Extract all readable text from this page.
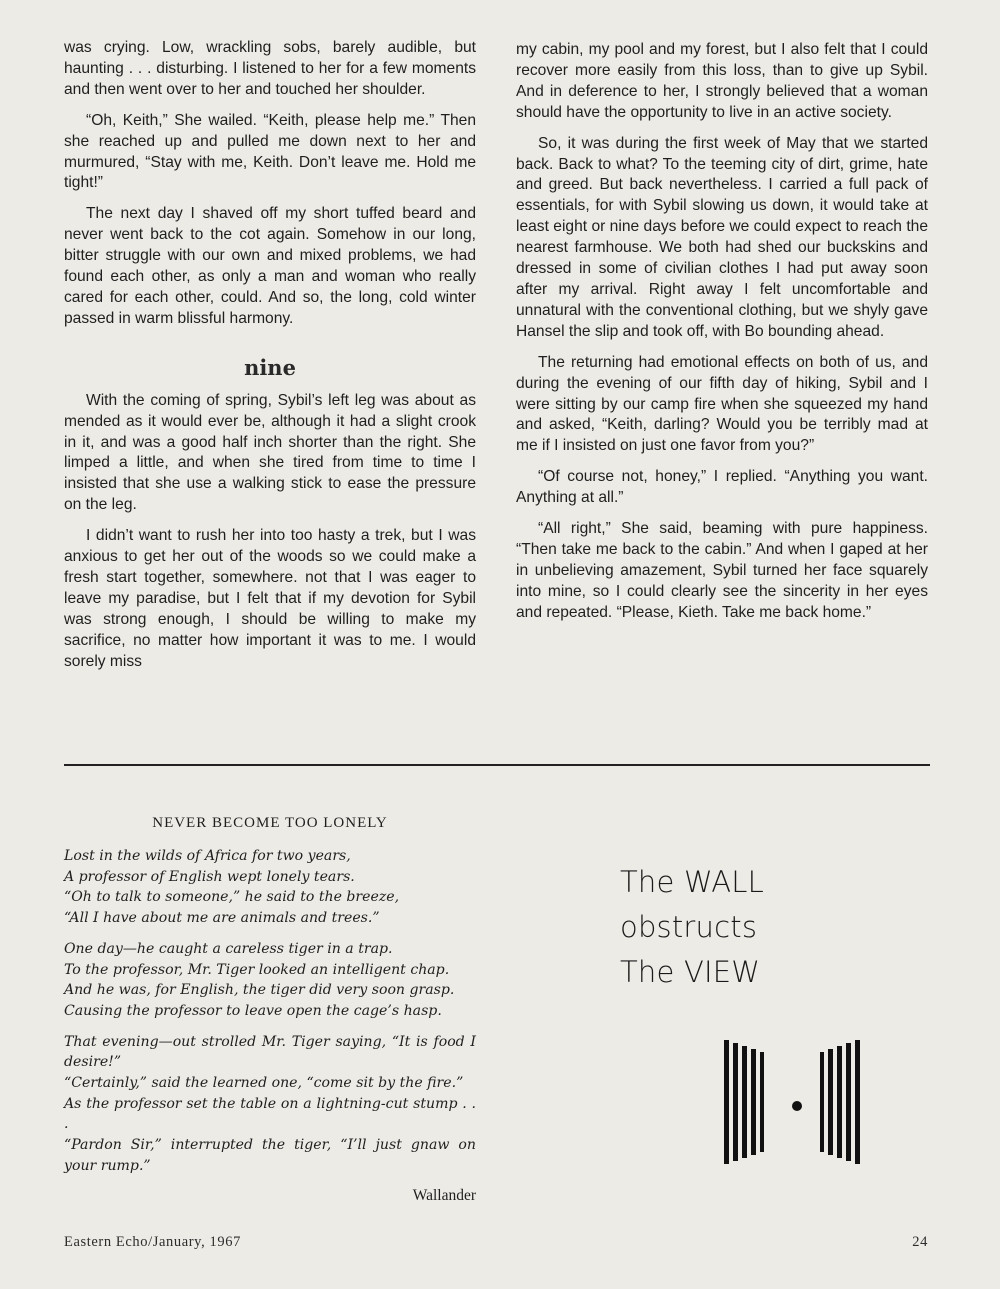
was crying. Low, wrackling sobs, barely audible, but haunting . . . disturbing. I listened to her for a few moments and then went over to her and touched her shoulder.

“Oh, Keith,” She wailed. “Keith, please help me.” Then she reached up and pulled me down next to her and murmured, “Stay with me, Keith. Don’t leave me. Hold me tight!”

The next day I shaved off my short tuffed beard and never went back to the cot again. Somehow in our long, bitter struggle with our own and mixed problems, we had found each other, as only a man and woman who really cared for each other, could. And so, the long, cold winter passed in warm blissful harmony.

nine

With the coming of spring, Sybil’s left leg was about as mended as it would ever be, although it had a slight crook in it, and was a good half inch shorter than the right. She limped a little, and when she tired from time to time I insisted that she use a walking stick to ease the pressure on the leg.

I didn’t want to rush her into too hasty a trek, but I was anxious to get her out of the woods so we could make a fresh start together, somewhere. not that I was eager to leave my paradise, but I felt that if my devotion for Sybil was strong enough, I should be willing to make my sacrifice, no matter how important it was to me. I would sorely miss

my cabin, my pool and my forest, but I also felt that I could recover more easily from this loss, than to give up Sybil. And in deference to her, I strongly believed that a woman should have the opportunity to live in an active society.

So, it was during the first week of May that we started back. Back to what? To the teeming city of dirt, grime, hate and greed. But back nevertheless. I carried a full pack of essentials, for with Sybil slowing us down, it would take at least eight or nine days before we could expect to reach the nearest farmhouse. We both had shed our buckskins and dressed in some of civilian clothes I had put away soon after my arrival. Right away I felt uncomfortable and unnatural with the conventional clothing, but we shyly gave Hansel the slip and took off, with Bo bounding ahead.

The returning had emotional effects on both of us, and during the evening of our fifth day of hiking, Sybil and I were sitting by our camp fire when she squeezed my hand and asked, “Keith, darling? Would you be terribly mad at me if I insisted on just one favor from you?”

“Of course not, honey,” I replied. “Anything you want. Anything at all.”

“All right,” She said, beaming with pure happiness. “Then take me back to the cabin.” And when I gaped at her in unbelieving amazement, Sybil turned her face squarely into mine, so I could clearly see the sincerity in her eyes and repeated. “Please, Kieth. Take me back home.”

NEVER BECOME TOO LONELY
Lost in the wilds of Africa for two years,
A professor of English wept lonely tears.
“Oh to talk to someone,” he said to the breeze,
“All I have about me are animals and trees.”
One day—he caught a careless tiger in a trap.
To the professor, Mr. Tiger looked an intelligent chap.
And he was, for English, the tiger did very soon grasp.
Causing the professor to leave open the cage’s hasp.
That evening—out strolled Mr. Tiger saying, “It is food I desire!”
“Certainly,” said the learned one, “come sit by the fire.”
As the professor set the table on a lightning-cut stump . . .
“Pardon Sir,” interrupted the tiger, “I’ll just gnaw on your rump.”
Wallander
The WALL
obstructs
The VIEW
Eastern Echo/January, 1967	24
